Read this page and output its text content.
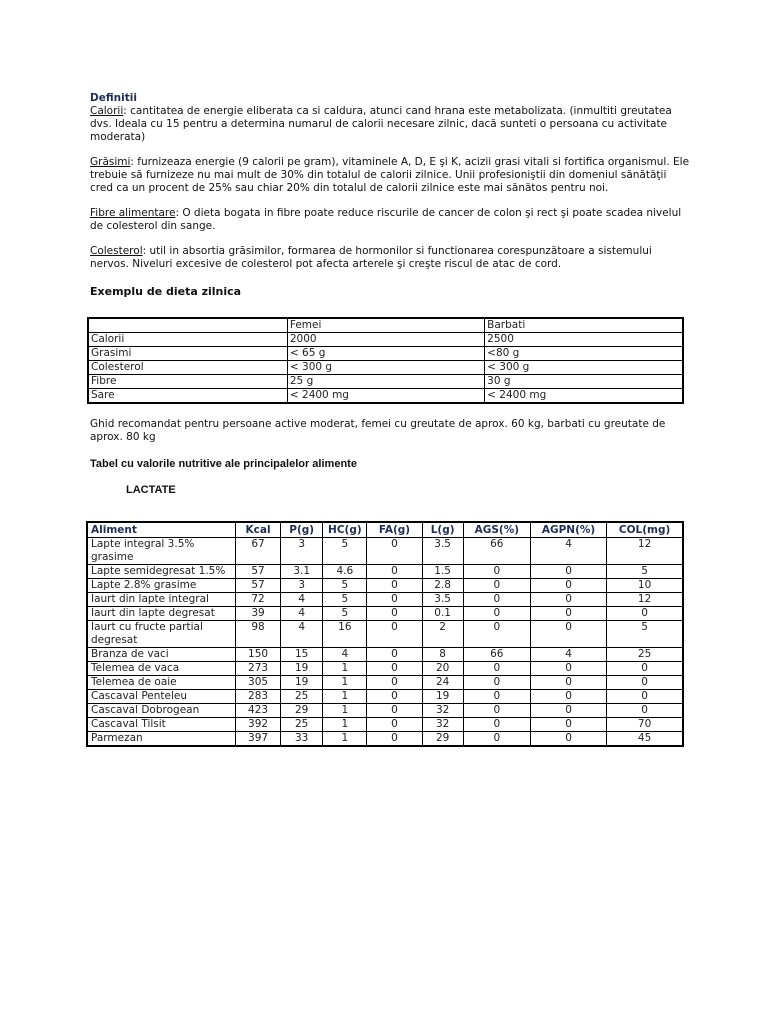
Definitii

Calorii: cantitatea de energie eliberata ca si caldura, atunci cand hrana este metabolizata. (inmultiti greutatea dvs. Ideala cu 15 pentru a determina numarul de calorii necesare zilnic, dacă sunteti o persoana cu activitate moderata)

Grăsimi: furnizeaza energie (9 calorii pe gram), vitaminele A, D, E şi K, acizii grasi vitali si fortifica organismul. Ele trebuie să furnizeze nu mai mult de 30% din totalul de calorii zilnice. Unii profesioniştii din domeniul sănătăţii cred ca un procent de 25% sau chiar 20% din totalul de calorii zilnice este mai sănătos pentru noi.

Fibre alimentare: O dieta bogata in fibre poate reduce riscurile de cancer de colon şi rect şi poate scadea nivelul de colesterol din sange.

Colesterol: util in absortia grăsimilor, formarea de hormonilor si functionarea corespunzătoare a sistemului nervos. Niveluri excesive de colesterol pot afecta arterele şi creşte riscul de atac de cord.

Exemplu de dieta zilnica
	Femei	Barbati
Calorii	2000	2500
Grasimi	< 65 g	<80 g
Colesterol	< 300 g	< 300 g
Fibre	25 g	30 g
Sare	< 2400 mg	< 2400 mg
Ghid recomandat pentru persoane active moderat, femei cu greutate de aprox. 60 kg, barbati cu greutate de aprox. 80 kg
Tabel cu valorile nutritive ale principalelor alimente
LACTATE
Aliment	Kcal	P(g)	HC(g)	FA(g)	L(g)	AGS(%)	AGPN(%)	COL(mg)
Lapte integral 3.5% grasime	67	3	5	0	3.5	66	4	12
Lapte semidegresat 1.5%	57	3.1	4.6	0	1.5	0	0	5
Lapte 2.8% grasime	57	3	5	0	2.8	0	0	10
Iaurt din lapte integral	72	4	5	0	3.5	0	0	12
Iaurt din lapte degresat	39	4	5	0	0.1	0	0	0
Iaurt cu fructe partial degresat	98	4	16	0	2	0	0	5
Branza de vaci	150	15	4	0	8	66	4	25
Telemea de vaca	273	19	1	0	20	0	0	0
Telemea de oaie	305	19	1	0	24	0	0	0
Cascaval Penteleu	283	25	1	0	19	0	0	0
Cascaval Dobrogean	423	29	1	0	32	0	0	0
Cascaval Tilsit	392	25	1	0	32	0	0	70
Parmezan	397	33	1	0	29	0	0	45
